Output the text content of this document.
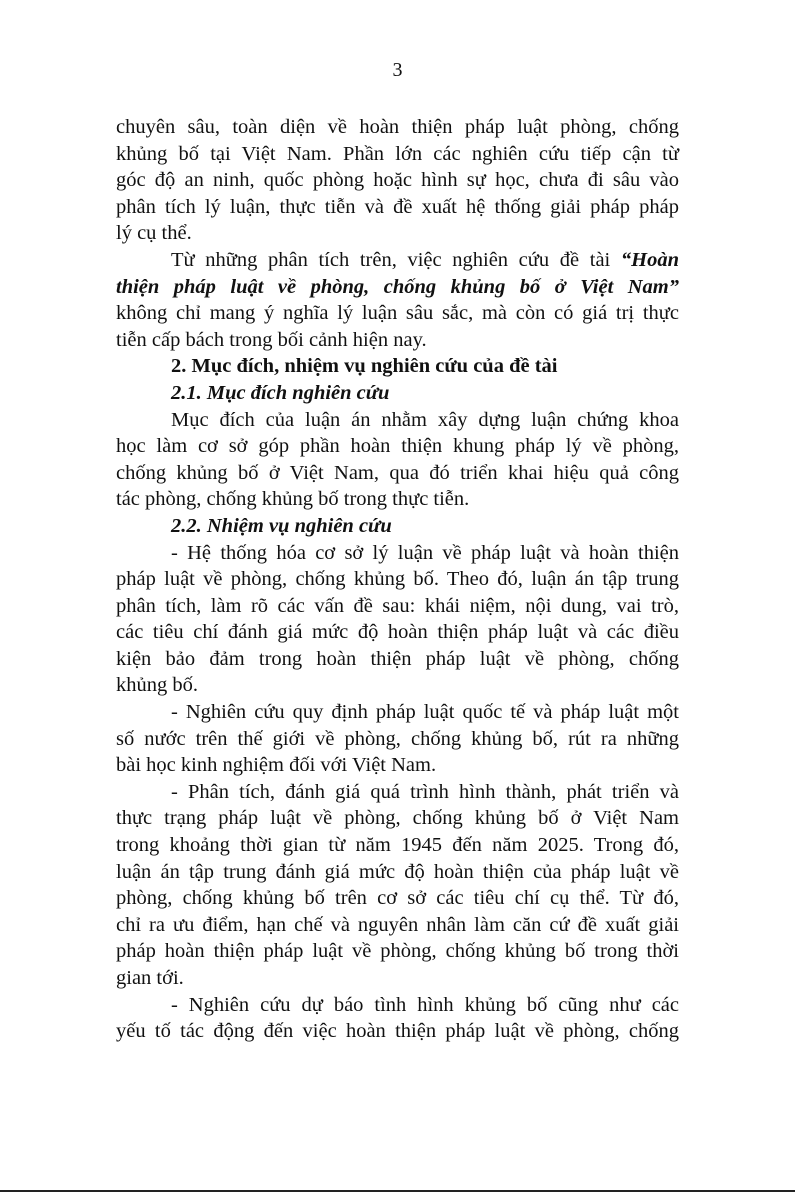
3

chuyên sâu, toàn diện về hoàn thiện pháp luật phòng, chống

khủng bố tại Việt Nam. Phần lớn các nghiên cứu tiếp cận từ

góc độ an ninh, quốc phòng hoặc hình sự học, chưa đi sâu vào

phân tích lý luận, thực tiễn và đề xuất hệ thống giải pháp pháp

lý cụ thể.

Từ những phân tích trên, việc nghiên cứu đề tài “Hoàn

thiện pháp luật về phòng, chống khủng bố ở Việt Nam”

không chỉ mang ý nghĩa lý luận sâu sắc, mà còn có giá trị thực

tiễn cấp bách trong bối cảnh hiện nay.

2. Mục đích, nhiệm vụ nghiên cứu của đề tài

2.1. Mục đích nghiên cứu

Mục đích của luận án nhằm xây dựng luận chứng khoa

học làm cơ sở góp phần hoàn thiện khung pháp lý về phòng,

chống khủng bố ở Việt Nam, qua đó triển khai hiệu quả công

tác phòng, chống khủng bố trong thực tiễn.

2.2. Nhiệm vụ nghiên cứu

- Hệ thống hóa cơ sở lý luận về pháp luật và hoàn thiện

pháp luật về phòng, chống khủng bố. Theo đó, luận án tập trung

phân tích, làm rõ các vấn đề sau: khái niệm, nội dung, vai trò,

các tiêu chí đánh giá mức độ hoàn thiện pháp luật và các điều

kiện bảo đảm trong hoàn thiện pháp luật về phòng, chống

khủng bố.

- Nghiên cứu quy định pháp luật quốc tế và pháp luật một

số nước trên thế giới về phòng, chống khủng bố, rút ra những

bài học kinh nghiệm đối với Việt Nam.

- Phân tích, đánh giá quá trình hình thành, phát triển và

thực trạng pháp luật về phòng, chống khủng bố ở Việt Nam

trong khoảng thời gian từ năm 1945 đến năm 2025. Trong đó,

luận án tập trung đánh giá mức độ hoàn thiện của pháp luật về

phòng, chống khủng bố trên cơ sở các tiêu chí cụ thể. Từ đó,

chỉ ra ưu điểm, hạn chế và nguyên nhân làm căn cứ đề xuất giải

pháp hoàn thiện pháp luật về phòng, chống khủng bố trong thời

gian tới.

- Nghiên cứu dự báo tình hình khủng bố cũng như các

yếu tố tác động đến việc hoàn thiện pháp luật về phòng, chống
